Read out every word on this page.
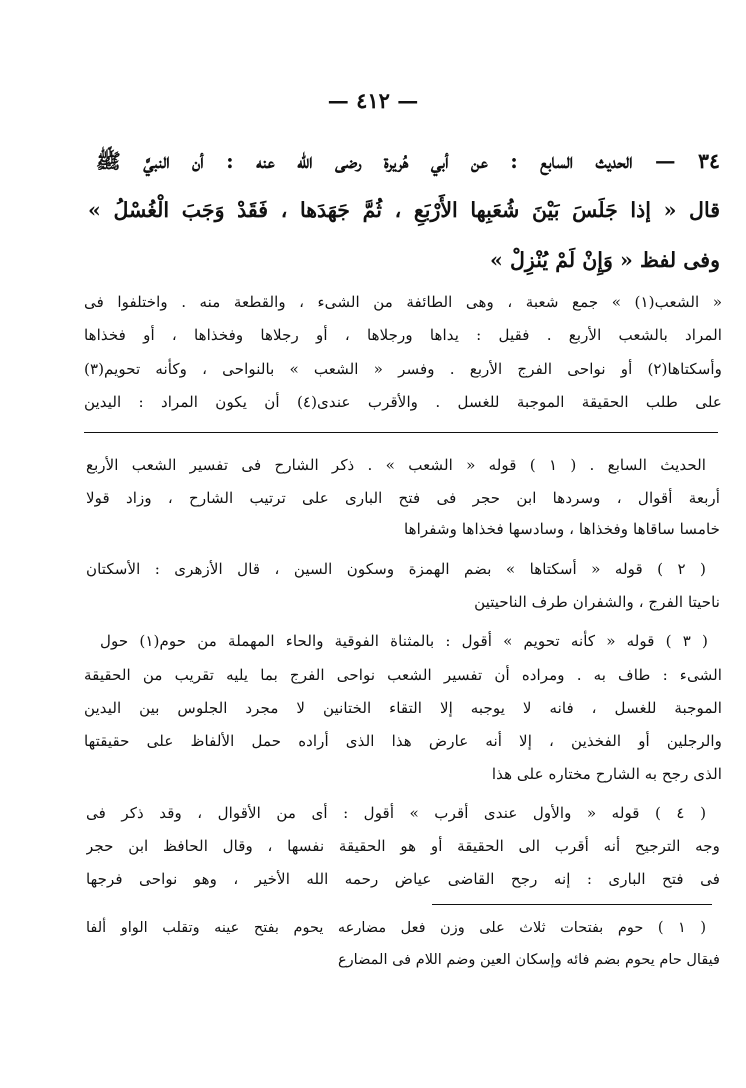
— ٤١٢ —
٣٤ — الحديث السابع : عن أبي هُريرة رضى الله عنه : أن النبيَّ ﷺ
قال « إذا جَلَسَ بَيْنَ شُعَبِها الأَرْبَعِ ، ثُمَّ جَهَدَها ، فَقَدْ وَجَبَ الْغُسْلُ »
وفى لفظ « وَإِنْ لَمْ يُنْزِلْ »
« الشعب(١) » جمع شعبة ، وهى الطائفة من الشىء ، والقطعة منه . واختلفوا فى
المراد بالشعب الأربع . فقيل : يداها ورجلاها ، أو رجلاها وفخذاها ، أو فخذاها
وأسكتاها(٢) أو نواحى الفرج الأربع . وفسر « الشعب » بالنواحى ، وكأنه تحويم(٣)
على طلب الحقيقة الموجبة للغسل . والأقرب عندى(٤) أن يكون المراد : اليدين
الحديث السابع . ( ١ ) قوله « الشعب » . ذكر الشارح فى تفسير الشعب الأربع
أربعة أقوال ، وسردها ابن حجر فى فتح البارى على ترتيب الشارح ، وزاد قولا
خامسا ساقاها وفخذاها ، وسادسها فخذاها وشفراها
( ٢ ) قوله « أسكتاها » بضم الهمزة وسكون السين ، قال الأزهرى : الأسكتان
ناحيتا الفرج ، والشفران طرف الناحيتين
( ٣ ) قوله « كأنه تحويم » أقول : بالمثناة الفوقية والحاء المهملة من حوم(١) حول
الشىء : طاف به . ومراده أن تفسير الشعب نواحى الفرج بما يليه تقريب من الحقيقة
الموجبة للغسل ، فانه لا يوجبه إلا التقاء الختانين لا مجرد الجلوس بين اليدين
والرجلين أو الفخذين ، إلا أنه عارض هذا الذى أراده حمل الألفاظ على حقيقتها
الذى رجح به الشارح مختاره على هذا
( ٤ ) قوله « والأول عندى أقرب » أقول : أى من الأقوال ، وقد ذكر فى
وجه الترجيح أنه أقرب الى الحقيقة أو هو الحقيقة نفسها ، وقال الحافظ ابن حجر
فى فتح البارى : إنه رجح القاضى عياض رحمه الله الأخير ، وهو نواحى فرجها
( ١ ) حوم بفتحات ثلاث على وزن فعل مضارعه يحوم بفتح عينه وتقلب الواو ألفا
فيقال حام يحوم بضم فائه وإسكان العين وضم اللام فى المضارع
